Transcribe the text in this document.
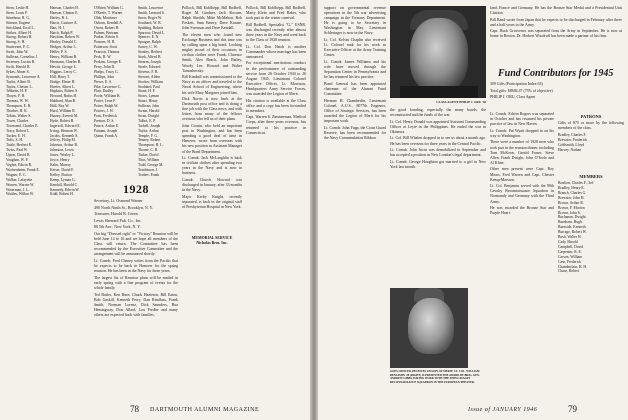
Stern, Leslie H.
Stern, Louis P.
Stinehour, R. G.
Stinson, Eugene
Strickland, Errol L.
Strikes, Albert H.
Strong, Robert H.
Strong, S. H.
Sturtevant, F. C.
Swett, John W.
Sullivan, Cornelius J.
Sweeney, Lucius B.
Swift, Harold B.
Sykes, Abner S.
Symonds, Lawrence A.
Taylor, Albert B.
Taylor, Chester L.
Tebbetts, H. P.
Thayer, F. B.
Thomas, W. W.
Thompson, E. R.
Thurber, H. K.
Tobias, Walter S.
Tower, Charles
Townsend, Charles E.
Tracy, Robert L.
Tucker, E. H.
Tufts, S. H.
Tuttle, Herbert E.
Twiss, Paul W.
Upton, David B.
Vaughan, W. F.
Veghte, Edwin B.
Wachenheim, Frank E.
Wagner, E. C.
Walker, Lafayette
Warren, Warren W.
Waterman, J. L.
Wattles, Wilbur W.
Hanson, Charles H.
Hanson, Clinton E.
Harley, R. L.
Harris, Gustave A.
Hart, H. J.
Hatch, Ralph P.
Hawkins, Robert W.
Healey, Donald C.
Hedges, Arthur L.
Heller, F. S.
Henry, William B.
Hermann, Charles B.
Hewitt, George L.
Higgins, Leroy C.
Hill, Harry T.
Hodge, Elmer H.
Hoefer, Albert L.
Hopkins, Robert S.
Howard, Rufus H.
Hubbard, Alan R.
Hull, Ray W.
Hurd, William R.
Hussey, Everett M.
Hyde, Robert B.
Ingersoll, Edward E.
Irving, Herman W.
Jacobs, Kenneth A.
Jeffrey, Philip M.
Johnson, Arthur B.
Johnston, Lewis
Jones, Wesley L.
Joyce, Henry
Kahn, Murray
Keiser, David F.
Kelley, Burton
Kemp, Lyman G.
Kendall, Harold C.
Kennedy, Edwin W.
Kidd, Robert H.
O'Brien, William G.
O'Keefe, T. Warner
Olds, Mortimer
Osborn, Kendall A.
Owen, Robert H.
Palmer, Bertram
Parker, Edwin S.
Parsons, H. B.
Patterson, Scott
Pearson, Thomas
Peck, R. W.
Perkins, George E.
Perry, John D.
Phelps, Tracy G.
Phillips, John
Pierce, E. S.
Pike, Lawrence C.
Platt, Dudley
Poole, William B.
Porter, Leon F.
Potter, Ralph W.
Powers, J. H.
Pratt, Frederick
Preston, D. S.
Prince, Arthur E.
Putnam, Joseph
Quinn, Frank A.
Smith, Lawrence
Smith, Leonard S.
Snow, Roger W.
Southard, W. B.
Spalding, Robert
Sparrow, David L.
Spencer, E. N.
Sprague, Ralph
Stacey, C. W.
Stanley, Herbert
Stark, Alfred B.
Stearns, Joseph
Steele, Edward
Stevens, F. B.
Stewart, Alden
Stocker, William
Stoddard, Paul
Stone, H. F.
Storrs, Lyman
Stuart, Henry
Sullivan, John
Swain, Harold
Swan, Dwight
Talbot, E. P.
Tarbell, Joseph
Taylor, Arthur
Temple, F. G.
Tenney, Robert
Thompson, H. L.
Thorne, C. B.
Tinker, David
Titus, William
Todd, George M.
Tomlinson, J.
Toohey, Frank
1928

Secretary, Lt. Osmond Warner

490 North Ninth St., Brooklyn, N. Y.

Treasurer, Harold B. Green

Lewis Sherrard Pub. Co., Inc.

80 5th Ave., New York, N. Y.

Our big "Dressed right" or "Victory" Reunion will be held June 14 to 16 and we hope all members of the Class will return. The Committee has been recommended by the Executive Committee and the arrangement will be announced shortly.

Lt. Comdr. Fred Cheney writes from the Pacific that he expects to be back in Hanover for the spring reunion. He has been in the Navy for three years.

The largest list of Reunion plans will be mailed in early spring with a fine program of events for the whole family.

Ted Butler, Ken Burn, Chuck Hazleton, Bill Eaton, Bob Gaskill, Kenneth Perry, Dan Rindfuss, Frank Smith, Norman Lorenz, Dick Saunders, Buz Hemingway, Don Allard, Lou Fiedler and many others are expected back with families.

Pollock, Bill Kohlhepp, Bill Rodbell, Roger M. Gardner, Jack Slocum, Ralph Sheilds, Mike McMahon, Bob Foskett, Sam Emery, Dave Krause, John Swenson and Dave Kendall.

The eleven men who found new Exchange Business and this time was by calling upon a big bond. Looking mighty proud of their occasions in civilian clothes were Frank, Clarence Smith, Alex Beach, John Bailey, Woody Lee, Howard and Walter Tomashevsky.

Bill Kimball was commissioned to the Navy as an officer and traveled to the Naval School of Engineering, where his wife Mary Margaret joined him.

Dick Norris is now back at the Dartmouth post office and is doing a fine job with the Class news, and with letters from many of the fellows overseas who tell us of their plans.

John Cronin, who held an important post in Washington, and has been spending a good deal of time in Hanover, wrote from overseas with his new position as Assistant Manager of the Bond Department.

Lt. Comdr. Jack McLaughlin is back in civilian clothes after spending two years in the Navy and is now in business.

Comdr. Church Howard was discharged in January, after 33 months in the Navy.

Major Kerby Knight, recently separated, is back in the original staff of Presbyterian Hospital in New York.

Pollock, Bill Kohlhepp, Bill Rodbell, Marty Klein and Fred Baker, who took part in the winter carnival.

Bill Rodbell, Specialist "G," USNR, was discharged recently after almost three years in the Navy and went back to the Class of 1928 reunion.

Lt. Col. Don Hatch is another Commander whose marriage has been announced.

For exceptional meritorious conduct in the performance of outstanding service from 26 October 1944 to 26 August 1945, Lieutenant Colonel Executive Officer, Lt. Morrison, Headquarters Army Service Forces, was awarded the Legion of Merit.

His citation is available at the Class office and a copy has been forwarded to members.

Capt. Warren S. Zimmerman, Medical Corps, after three years overseas, has returned to his practice in Connecticut.

MEMORIAL SERVICE
Nicholas Bros. Inc.
78 DARTMOUTH ALUMNI MAGAZINE

support on governmental revenue operations in the 5th war advertising campaign in the Treasury Department. He is going to be Secretary in Washington in May. Lieutenant Schlesinger is now in the Navy.

Lt. Col. Kelvin Chaplin also received Lt. Colonel rank for his work as Executive Officer at the Army Training Center.

CLASS AGENT PHILIP J. ORU '28

Lt. Comdr. James Williams and his wife have moved through the Separation Center in Pennsylvania and he has resumed his law practice.

Bond General has been appointed chairman of the Alumni Fund Committee.

Herman H. Chamberlin, Lieutenant Colonel, A.U.S., 8077th Engineer, Office of Strategic Services, has been awarded the Legion of Merit for his important work.

Lt. Comdr. John Yapp, the Coast Guard Reserve, has been recommended for the Navy Commendation Ribbon.

the good bonding, especially the many bonds, the reconstructed and the funds of the war.

Lt. Col. Henry Donald was appointed Assistant Commanding Officer at Leyte in the Philippines. He ended the war in Okinawa.

Lt. Col. Bill Whalen dropped in to see us about a month ago. He has been overseas for three years in the Central Pacific.

Lt. Comdr. John Irwin was demobilized in September and has accepted a position in New London's legal department.

Lt. Comdr. George Houghton got married to a girl in New York last month.

GOES OFFICER RECEIVES LEGION OF MERIT: LT. COL. WILLIAM BENJAMIN '28 (RIGHT) IS PRESENTED THE AWARD BY BRIG. GEN. ANDREW GIBBS FOR HIS WORK WITH THE 90TH CAVALRY RECONNAISSANCE SQUADRON IN THE EUROPEAN THEATER.

land, France and Germany. He has the Bronze Star Medal and a Presidential Unit Citation.

Bill Rand wrote from Japan that he expects to be discharged in February after three and a half years in the Army.

Capt. Buck Grosvenor was separated from the Army in September. He is now at home in Boston. Dr. Herbert Woodruff has been made a partner of his firm.

Fund Contributors for 1945

309 Gifts (Participation Index 63)

Total gifts: $8684.47 (75% of objective)

PHILIP J. ORU, Class Agent

PATRONS

Gifts of $75 or more by the following members of the class.

Bradley, Charles F.
Brewster, Frederick
Goldsmith, Lloyd
Harvey, Nathan
MEMBERS
Boulton, Charles F., 3rd
Bradley, Henry E.
Branch, Charles G.
Brewster, John H.
Brown, Arthur R.
Brown, F. Morton
Brown, John S.
Buchanan, Dwight
Burnham, Hugh
Burnside, Kenneth
Burrage, Robert W.
Bush, Walter H.
Cady, Harold
Campbell, David
Carpenter, R. E.
Carson, William
Case, Frederick
Chamberlain, H. H.
Chase, Robert

Lt. Comdr. Edwin Rogers was separated in October and has resumed his private practice of law in New Haven.

Lt. Comdr. Pat Wyatt dropped in on his way to Washington.

There were a number of 1928 men who took part in the reunion dinner, including Tom McKeon, Gerald Fraser, Steve Allen, Frank Dwight, John O'Toole and Al Kline.

Other men present were Capt. Roy Mears, Fred Warren and Capt. Chester Kemp-Marston.

Lt. Col. Benjamin served with the 90th Cavalry Reconnaissance Squadron in Normandy and Germany with the Third Army.

He was awarded the Bronze Star and Purple Heart.

Issue of JANUARY 1946	79
